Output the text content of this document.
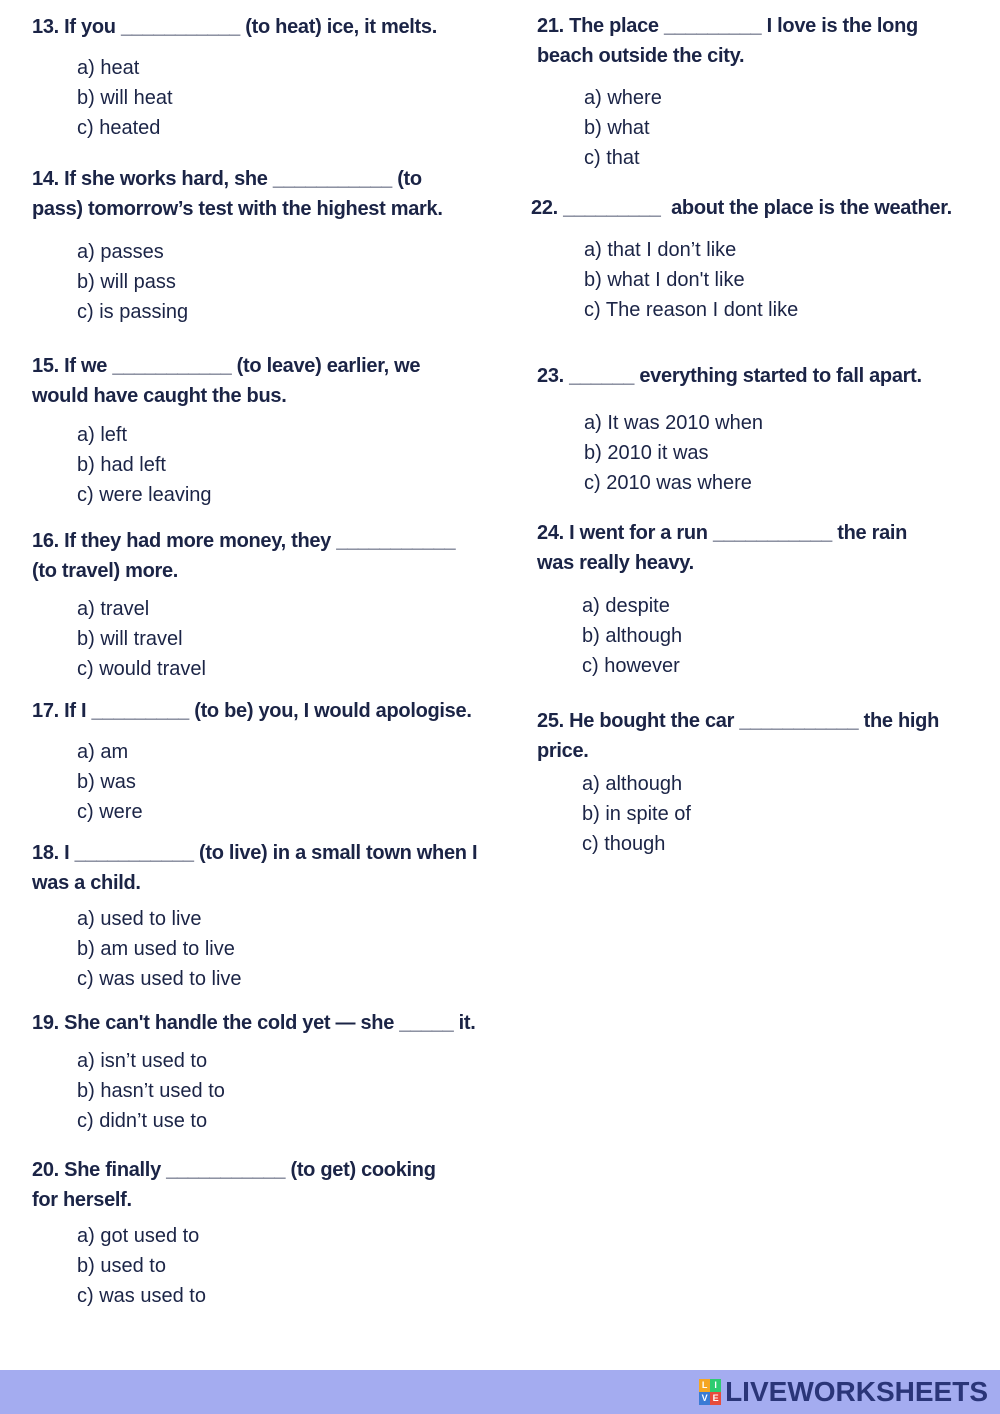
13. If you ___________ (to heat) ice, it melts.
a) heat
b) will heat
c) heated
14. If she works hard, she ___________ (to
pass) tomorrow’s test with the highest mark.
a) passes
b) will pass
c) is passing
15. If we ___________ (to leave) earlier, we
would have caught the bus.
a) left
b) had left
c) were leaving
16. If they had more money, they ___________
(to travel) more.
a) travel
b) will travel
c) would travel
17. If I _________ (to be) you, I would apologise.
a) am
b) was
c) were
18. I ___________ (to live) in a small town when I
was a child.
a) used to live
b) am used to live
c) was used to live
19. She can't handle the cold yet — she _____ it.
a) isn’t used to
b) hasn’t used to
c) didn’t use to
20. She finally ___________ (to get) cooking
for herself.
a) got used to
b) used to
c) was used to
21. The place _________ I love is the long
beach outside the city.
a) where
b) what
c) that
22. _________  about the place is the weather.
a) that I don’t like
b) what I don't like
c) The reason I dont like
23. ______ everything started to fall apart.
a) It was 2010 when
b) 2010 it was
c) 2010 was where
24. I went for a run ___________ the rain
was really heavy.
a) despite
b) although
c) however
25. He bought the car ___________ the high
price.
a) although
b) in spite of
c) though
L I
V E LIVEWORKSHEETS
